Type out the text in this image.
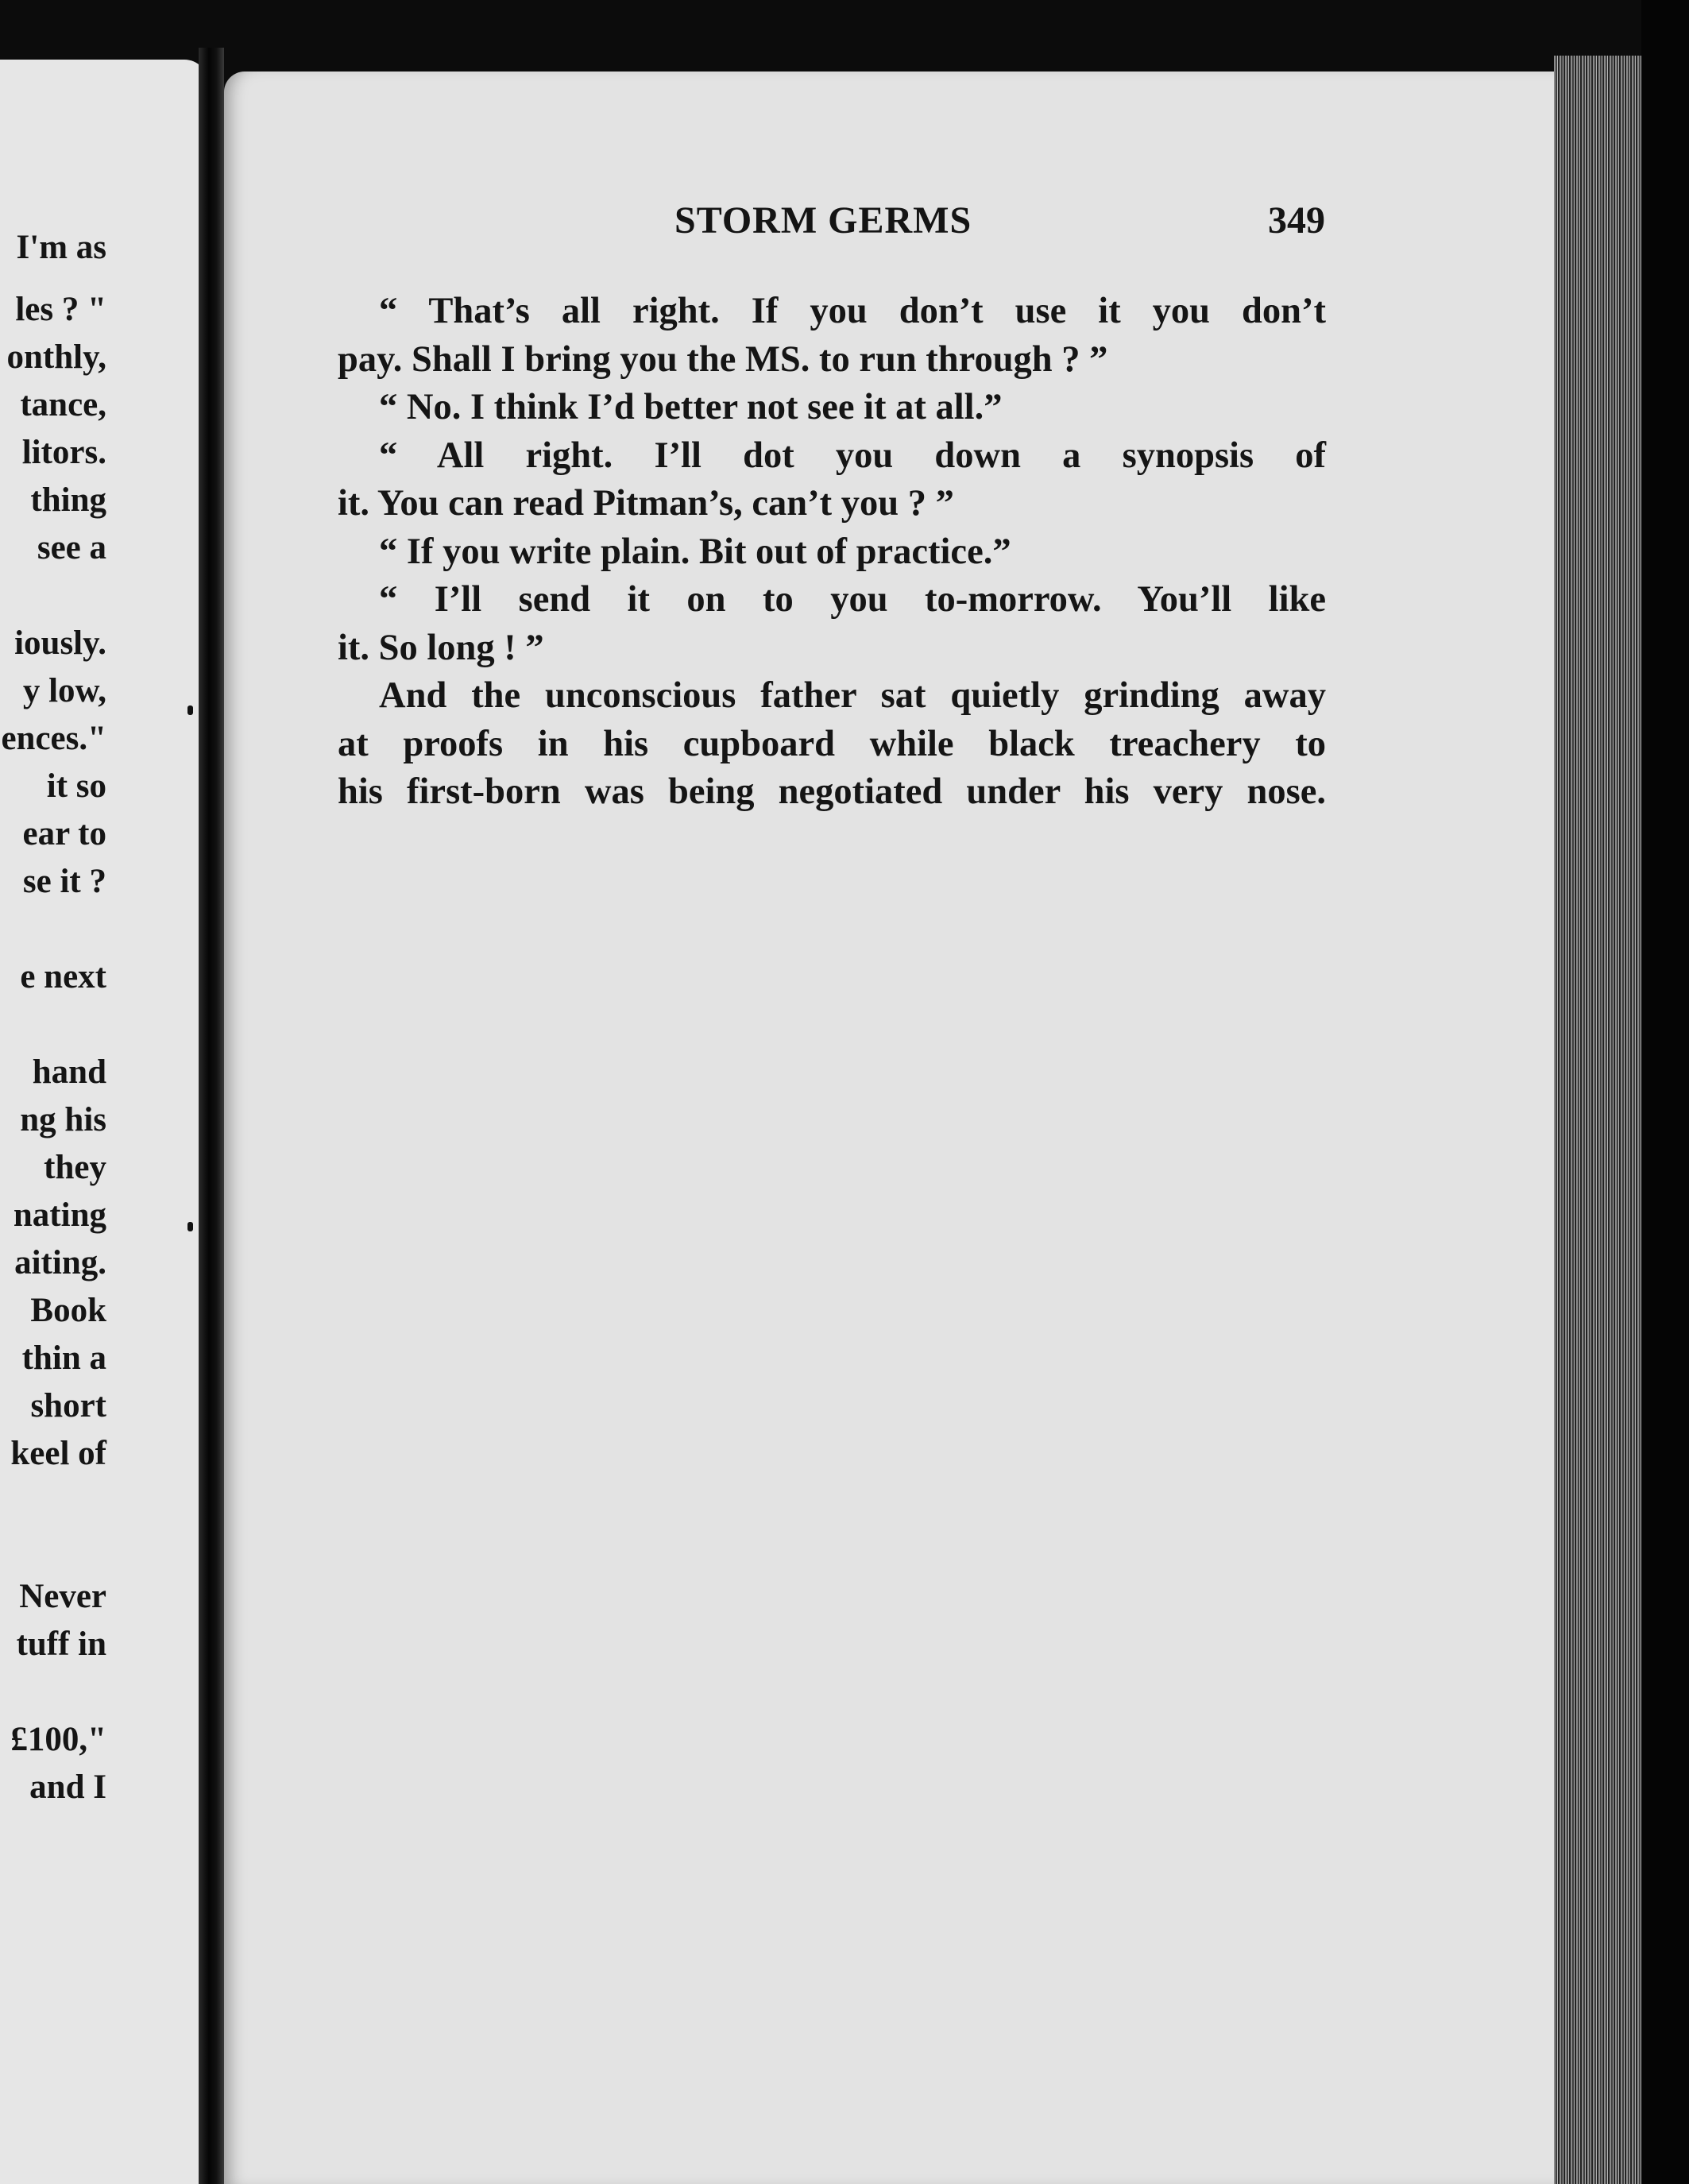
I'm as
les ? "
onthly,
tance,
litors.
thing
see a
iously.
y low,
ences."
it so
ear to
se it ?
e next
hand
ng his
they
nating
aiting.
Book
thin a
short
keel of
Never
tuff in
£100,"
and I
STORM GERMS	349
“ That’s all right. If you don’t use it you don’t
pay. Shall I bring you the MS. to run through ? ”
“ No. I think I’d better not see it at all.”
“ All right. I’ll dot you down a synopsis of
it. You can read Pitman’s, can’t you ? ”
“ If you write plain. Bit out of practice.”
“ I’ll send it on to you to-morrow. You’ll like
it. So long ! ”
And the unconscious father sat quietly grinding away
at proofs in his cupboard while black treachery to
his first-born was being negotiated under his very nose.
